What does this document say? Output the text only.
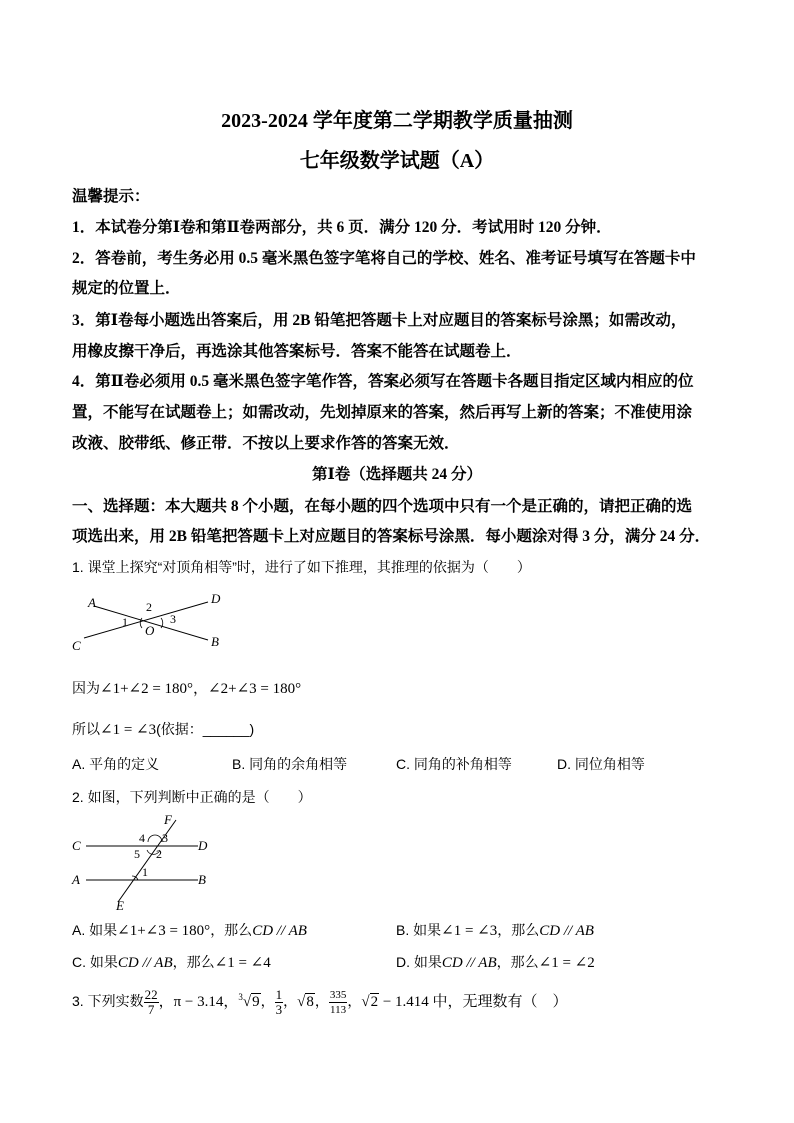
2023-2024 学年度第二学期教学质量抽测
七年级数学试题（A）
温馨提示：
1．本试卷分第Ⅰ卷和第Ⅱ卷两部分，共 6 页．满分 120 分．考试用时 120 分钟．
2．答卷前，考生务必用 0.5 毫米黑色签字笔将自己的学校、姓名、准考证号填写在答题卡中
规定的位置上．
3．第Ⅰ卷每小题选出答案后，用 2B 铅笔把答题卡上对应题目的答案标号涂黑；如需改动，
用橡皮擦干净后，再选涂其他答案标号．答案不能答在试题卷上．
4．第Ⅱ卷必须用 0.5 毫米黑色签字笔作答，答案必须写在答题卡各题目指定区域内相应的位
置，不能写在试题卷上；如需改动，先划掉原来的答案，然后再写上新的答案；不准使用涂
改液、胶带纸、修正带．不按以上要求作答的答案无效．
第Ⅰ卷（选择题共 24 分）
一、选择题：本大题共 8 个小题，在每小题的四个选项中只有一个是正确的，请把正确的选
项选出来，用 2B 铅笔把答题卡上对应题目的答案标号涂黑．每小题涂对得 3 分，满分 24 分．
1. 课堂上探究“对顶角相等”时，进行了如下推理，其推理的依据为（　　）
A	D
C	B
O
1
2
3
因为∠1+∠2 = 180°，∠2+∠3 = 180°
所以∠1 = ∠3(依据：______)
A. 平角的定义	B. 同角的余角相等	C. 同角的补角相等	D. 同位角相等
2. 如图，下列判断中正确的是（　　）
F
C	D
A	B
E
4 3
5 2
1
A. 如果∠1+∠3 = 180°，那么CD // AB	B. 如果∠1 = ∠3，那么CD // AB
C. 如果CD // AB，那么∠1 = ∠4	D. 如果CD // AB，那么∠1 = ∠2
3. 下列实数 $\frac{22}{7}$ ，π − 3.14，$^3$√9， $\frac{1}{3}$ ，√8， $\frac{335}{113}$ ，√2 − 1.414 中，无理数有（　）
